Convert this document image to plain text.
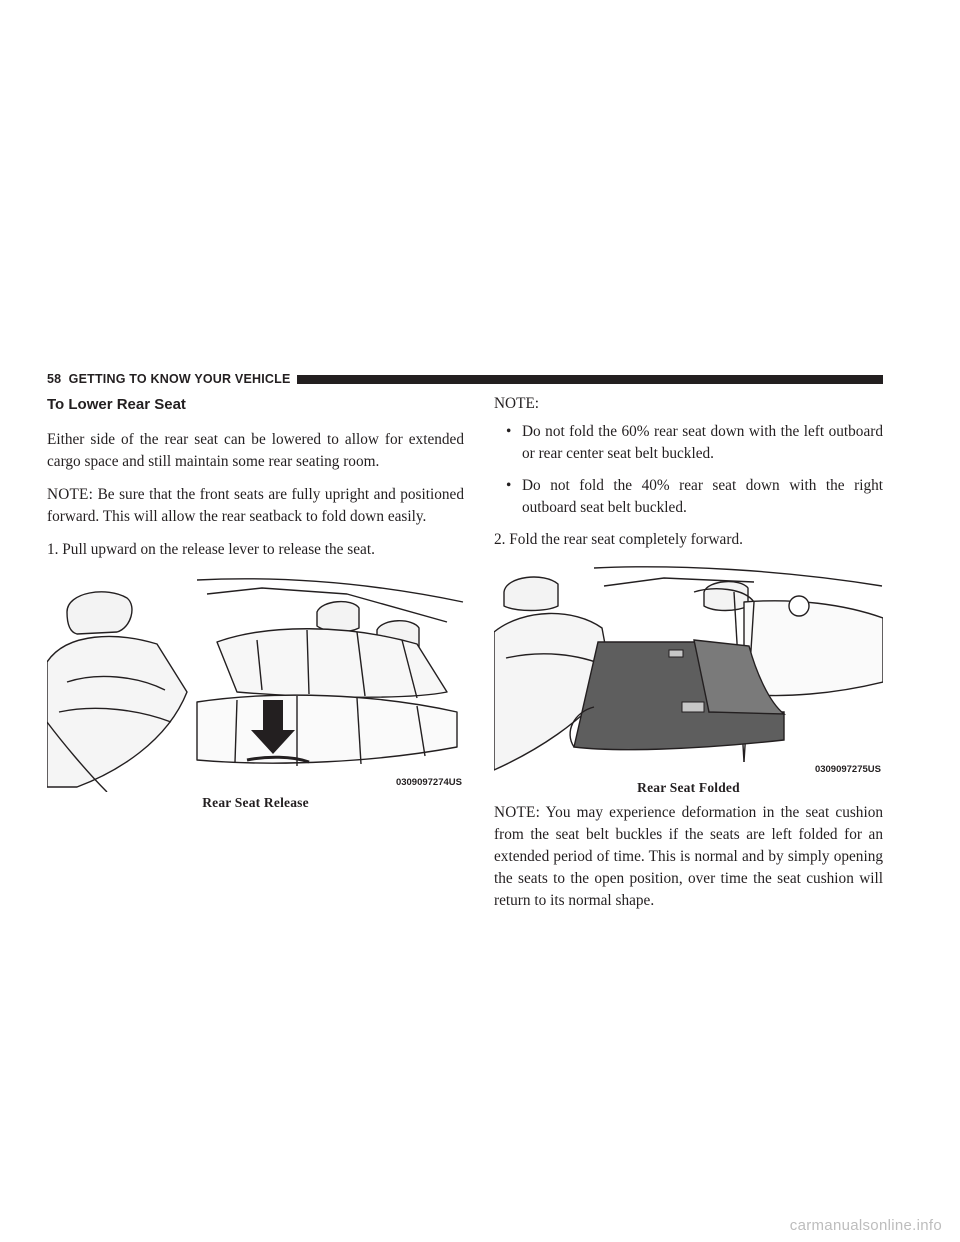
58 GETTING TO KNOW YOUR VEHICLE
To Lower Rear Seat

Either side of the rear seat can be lowered to allow for extended cargo space and still maintain some rear seating room.

NOTE: Be sure that the front seats are fully upright and positioned forward. This will allow the rear seatback to fold down easily.

1. Pull upward on the release lever to release the seat.

0309097274US
Rear Seat Release

NOTE:

• Do not fold the 60% rear seat down with the left outboard or rear center seat belt buckled.
• Do not fold the 40% rear seat down with the right outboard seat belt buckled.

2. Fold the rear seat completely forward.

0309097275US
Rear Seat Folded

NOTE: You may experience deformation in the seat cushion from the seat belt buckles if the seats are left folded for an extended period of time. This is normal and by simply opening the seats to the open position, over time the seat cushion will return to its normal shape.

carmanualsonline.info
